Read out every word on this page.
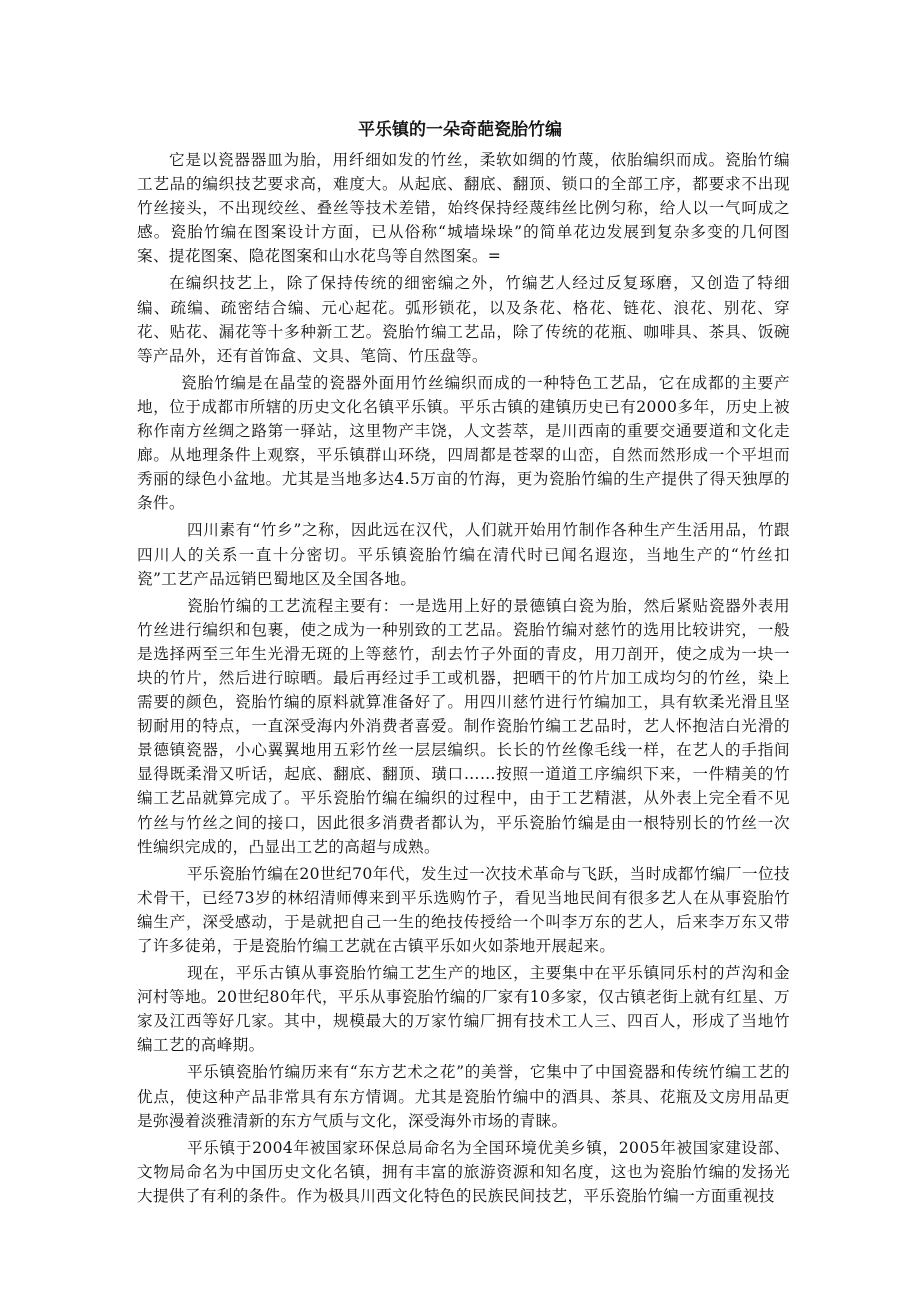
平乐镇的一朵奇葩瓷胎竹编

它是以瓷器器皿为胎，用纤细如发的竹丝，柔软如绸的竹蔑，依胎编织而成。瓷胎竹编工艺品的编织技艺要求高，难度大。从起底、翻底、翻顶、锁口的全部工序，都要求不出现竹丝接头，不出现绞丝、叠丝等技术差错，始终保持经蔑纬丝比例匀称，给人以一气呵成之感。瓷胎竹编在图案设计方面，已从俗称“城墙垛垛”的简单花边发展到复杂多变的几何图案、提花图案、隐花图案和山水花鸟等自然图案。=

在编织技艺上，除了保持传统的细密编之外，竹编艺人经过反复琢磨，又创造了特细编、疏编、疏密结合编、元心起花。弧形锁花，以及条花、格花、链花、浪花、别花、穿花、贴花、漏花等十多种新工艺。瓷胎竹编工艺品，除了传统的花瓶、咖啡具、茶具、饭碗等产品外，还有首饰盒、文具、笔筒、竹压盘等。

瓷胎竹编是在晶莹的瓷器外面用竹丝编织而成的一种特色工艺品，它在成都的主要产地，位于成都市所辖的历史文化名镇平乐镇。平乐古镇的建镇历史已有2000多年，历史上被称作南方丝绸之路第一驿站，这里物产丰饶，人文荟萃，是川西南的重要交通要道和文化走廊。从地理条件上观察，平乐镇群山环绕，四周都是苍翠的山峦，自然而然形成一个平坦而秀丽的绿色小盆地。尤其是当地多达4.5万亩的竹海，更为瓷胎竹编的生产提供了得天独厚的条件。

四川素有“竹乡”之称，因此远在汉代，人们就开始用竹制作各种生产生活用品，竹跟四川人的关系一直十分密切。平乐镇瓷胎竹编在清代时已闻名遐迩，当地生产的“竹丝扣瓷”工艺产品远销巴蜀地区及全国各地。

瓷胎竹编的工艺流程主要有：一是选用上好的景德镇白瓷为胎，然后紧贴瓷器外表用竹丝进行编织和包裹，使之成为一种别致的工艺品。瓷胎竹编对慈竹的选用比较讲究，一般是选择两至三年生光滑无斑的上等慈竹，刮去竹子外面的青皮，用刀剖开，使之成为一块一块的竹片，然后进行晾晒。最后再经过手工或机器，把晒干的竹片加工成均匀的竹丝，染上需要的颜色，瓷胎竹编的原料就算准备好了。用四川慈竹进行竹编加工，具有软柔光滑且坚韧耐用的特点，一直深受海内外消费者喜爱。制作瓷胎竹编工艺品时，艺人怀抱洁白光滑的景德镇瓷器，小心翼翼地用五彩竹丝一层层编织。长长的竹丝像毛线一样，在艺人的手指间显得既柔滑又听话，起底、翻底、翻顶、璜口……按照一道道工序编织下来，一件精美的竹编工艺品就算完成了。平乐瓷胎竹编在编织的过程中，由于工艺精湛，从外表上完全看不见竹丝与竹丝之间的接口，因此很多消费者都认为，平乐瓷胎竹编是由一根特别长的竹丝一次性编织完成的，凸显出工艺的高超与成熟。

平乐瓷胎竹编在20世纪70年代，发生过一次技术革命与飞跃，当时成都竹编厂一位技术骨干，已经73岁的林绍清师傅来到平乐选购竹子，看见当地民间有很多艺人在从事瓷胎竹编生产，深受感动，于是就把自己一生的绝技传授给一个叫李万东的艺人，后来李万东又带了许多徒弟，于是瓷胎竹编工艺就在古镇平乐如火如荼地开展起来。

现在，平乐古镇从事瓷胎竹编工艺生产的地区，主要集中在平乐镇同乐村的芦沟和金河村等地。20世纪80年代，平乐从事瓷胎竹编的厂家有10多家，仅古镇老街上就有红星、万家及江西等好几家。其中，规模最大的万家竹编厂拥有技术工人三、四百人，形成了当地竹编工艺的高峰期。

平乐镇瓷胎竹编历来有“东方艺术之花”的美誉，它集中了中国瓷器和传统竹编工艺的优点，使这种产品非常具有东方情调。尤其是瓷胎竹编中的酒具、茶具、花瓶及文房用品更是弥漫着淡雅清新的东方气质与文化，深受海外市场的青睐。

平乐镇于2004年被国家环保总局命名为全国环境优美乡镇，2005年被国家建设部、文物局命名为中国历史文化名镇，拥有丰富的旅游资源和知名度，这也为瓷胎竹编的发扬光大提供了有利的条件。作为极具川西文化特色的民族民间技艺，平乐瓷胎竹编一方面重视技
